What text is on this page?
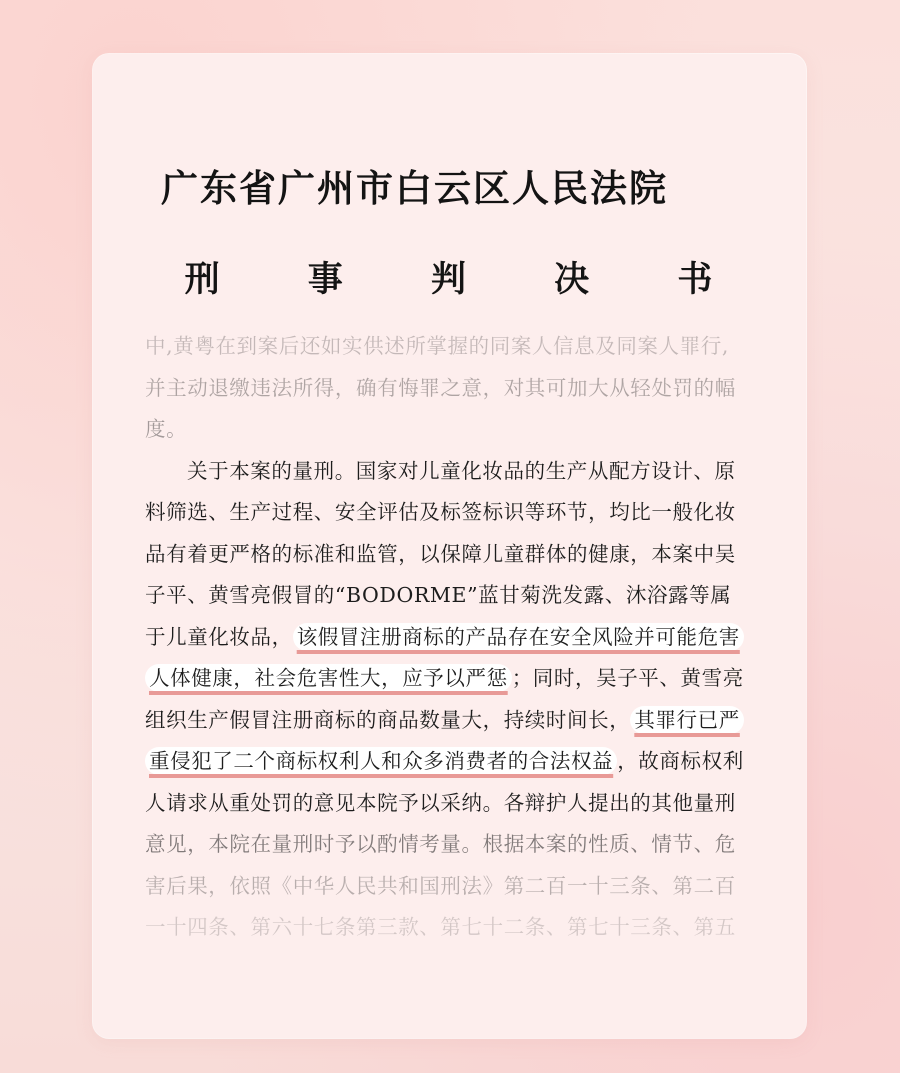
广东省广州市白云区人民法院
刑 事 判 决 书
中,黄粤在到案后还如实供述所掌握的同案人信息及同案人罪行,
并主动退缴违法所得，确有悔罪之意，对其可加大从轻处罚的幅
度。
关于本案的量刑。国家对儿童化妆品的生产从配方设计、原
料筛选、生产过程、安全评估及标签标识等环节，均比一般化妆
品有着更严格的标准和监管，以保障儿童群体的健康，本案中吴
子平、黄雪亮假冒的“BODORME”蓝甘菊洗发露、沐浴露等属
于儿童化妆品， 该假冒注册商标的产品存在安全风险并可能危害
人体健康，社会危害性大，应予以严惩 ；同时，吴子平、黄雪亮
组织生产假冒注册商标的商品数量大，持续时间长， 其罪行已严
重侵犯了二个商标权利人和众多消费者的合法权益 ，故商标权利
人请求从重处罚的意见本院予以采纳。各辩护人提出的其他量刑
意见，本院在量刑时予以酌情考量。根据本案的性质、情节、危
害后果，依照《中华人民共和国刑法》第二百一十三条、第二百
一十四条、第六十七条第三款、第七十二条、第七十三条、第五
